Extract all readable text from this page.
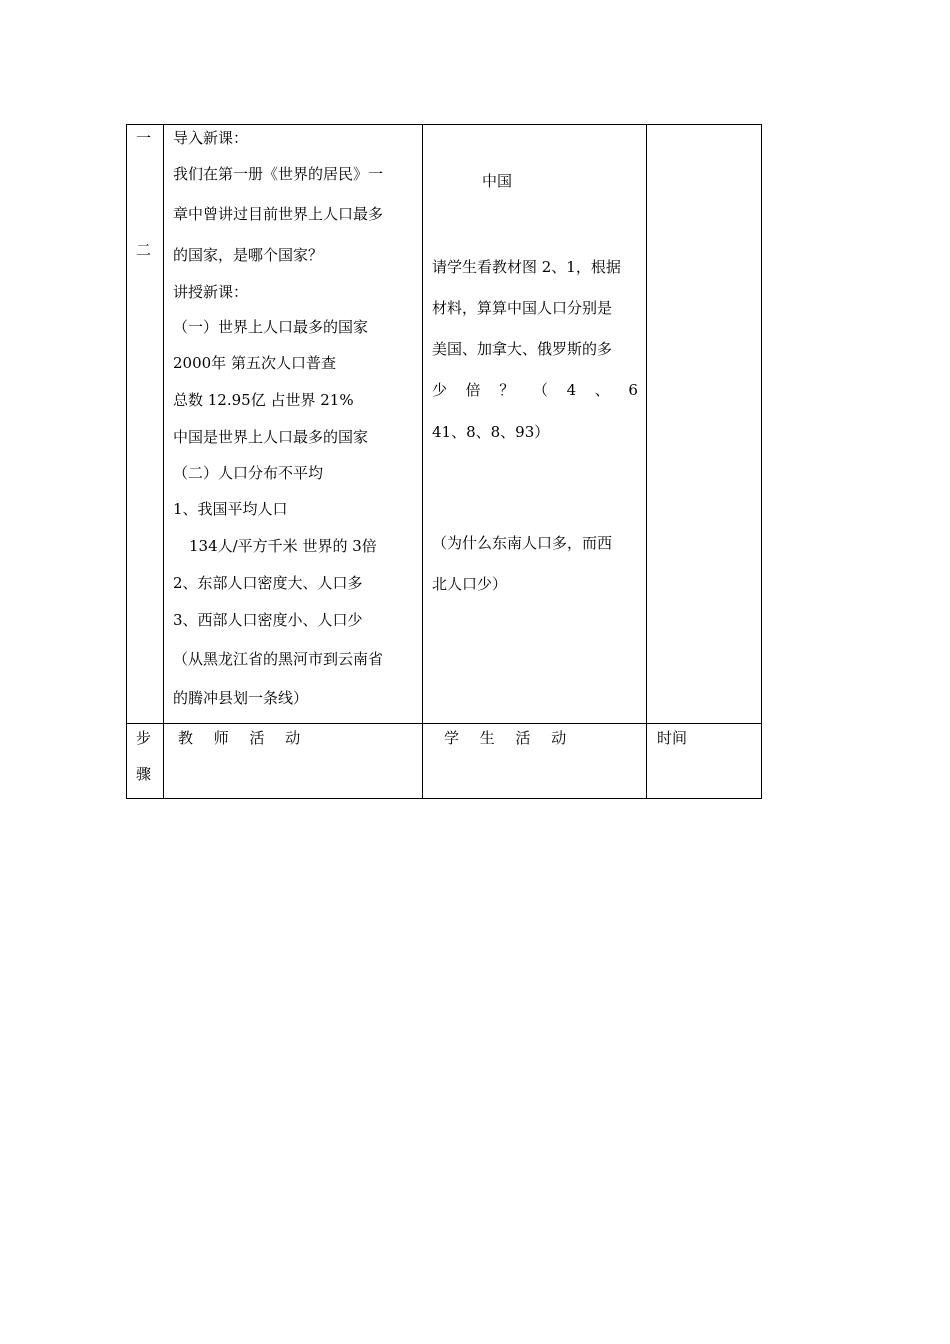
一
二
导入新课：
我们在第一册《世界的居民》一
章中曾讲过目前世界上人口最多
的国家，是哪个国家？
讲授新课：
（一）世界上人口最多的国家
2000年 第五次人口普查
总数 12.95亿 占世界 21%
中国是世界上人口最多的国家
（二）人口分布不平均
1、我国平均人口
134人/平方千米 世界的 3倍
2、东部人口密度大、人口多
3、西部人口密度小、人口少
（从黑龙江省的黑河市到云南省
的腾冲县划一条线）
中国
请学生看教材图 2、1，根据
材料，算算中国人口分别是
美国、加拿大、俄罗斯的多
少 倍 ？ （ 4 、 6
41、8、8、93）
（为什么东南人口多，而西
北人口少）
步
骤
教 师 活 动	学 生 活 动	时间
